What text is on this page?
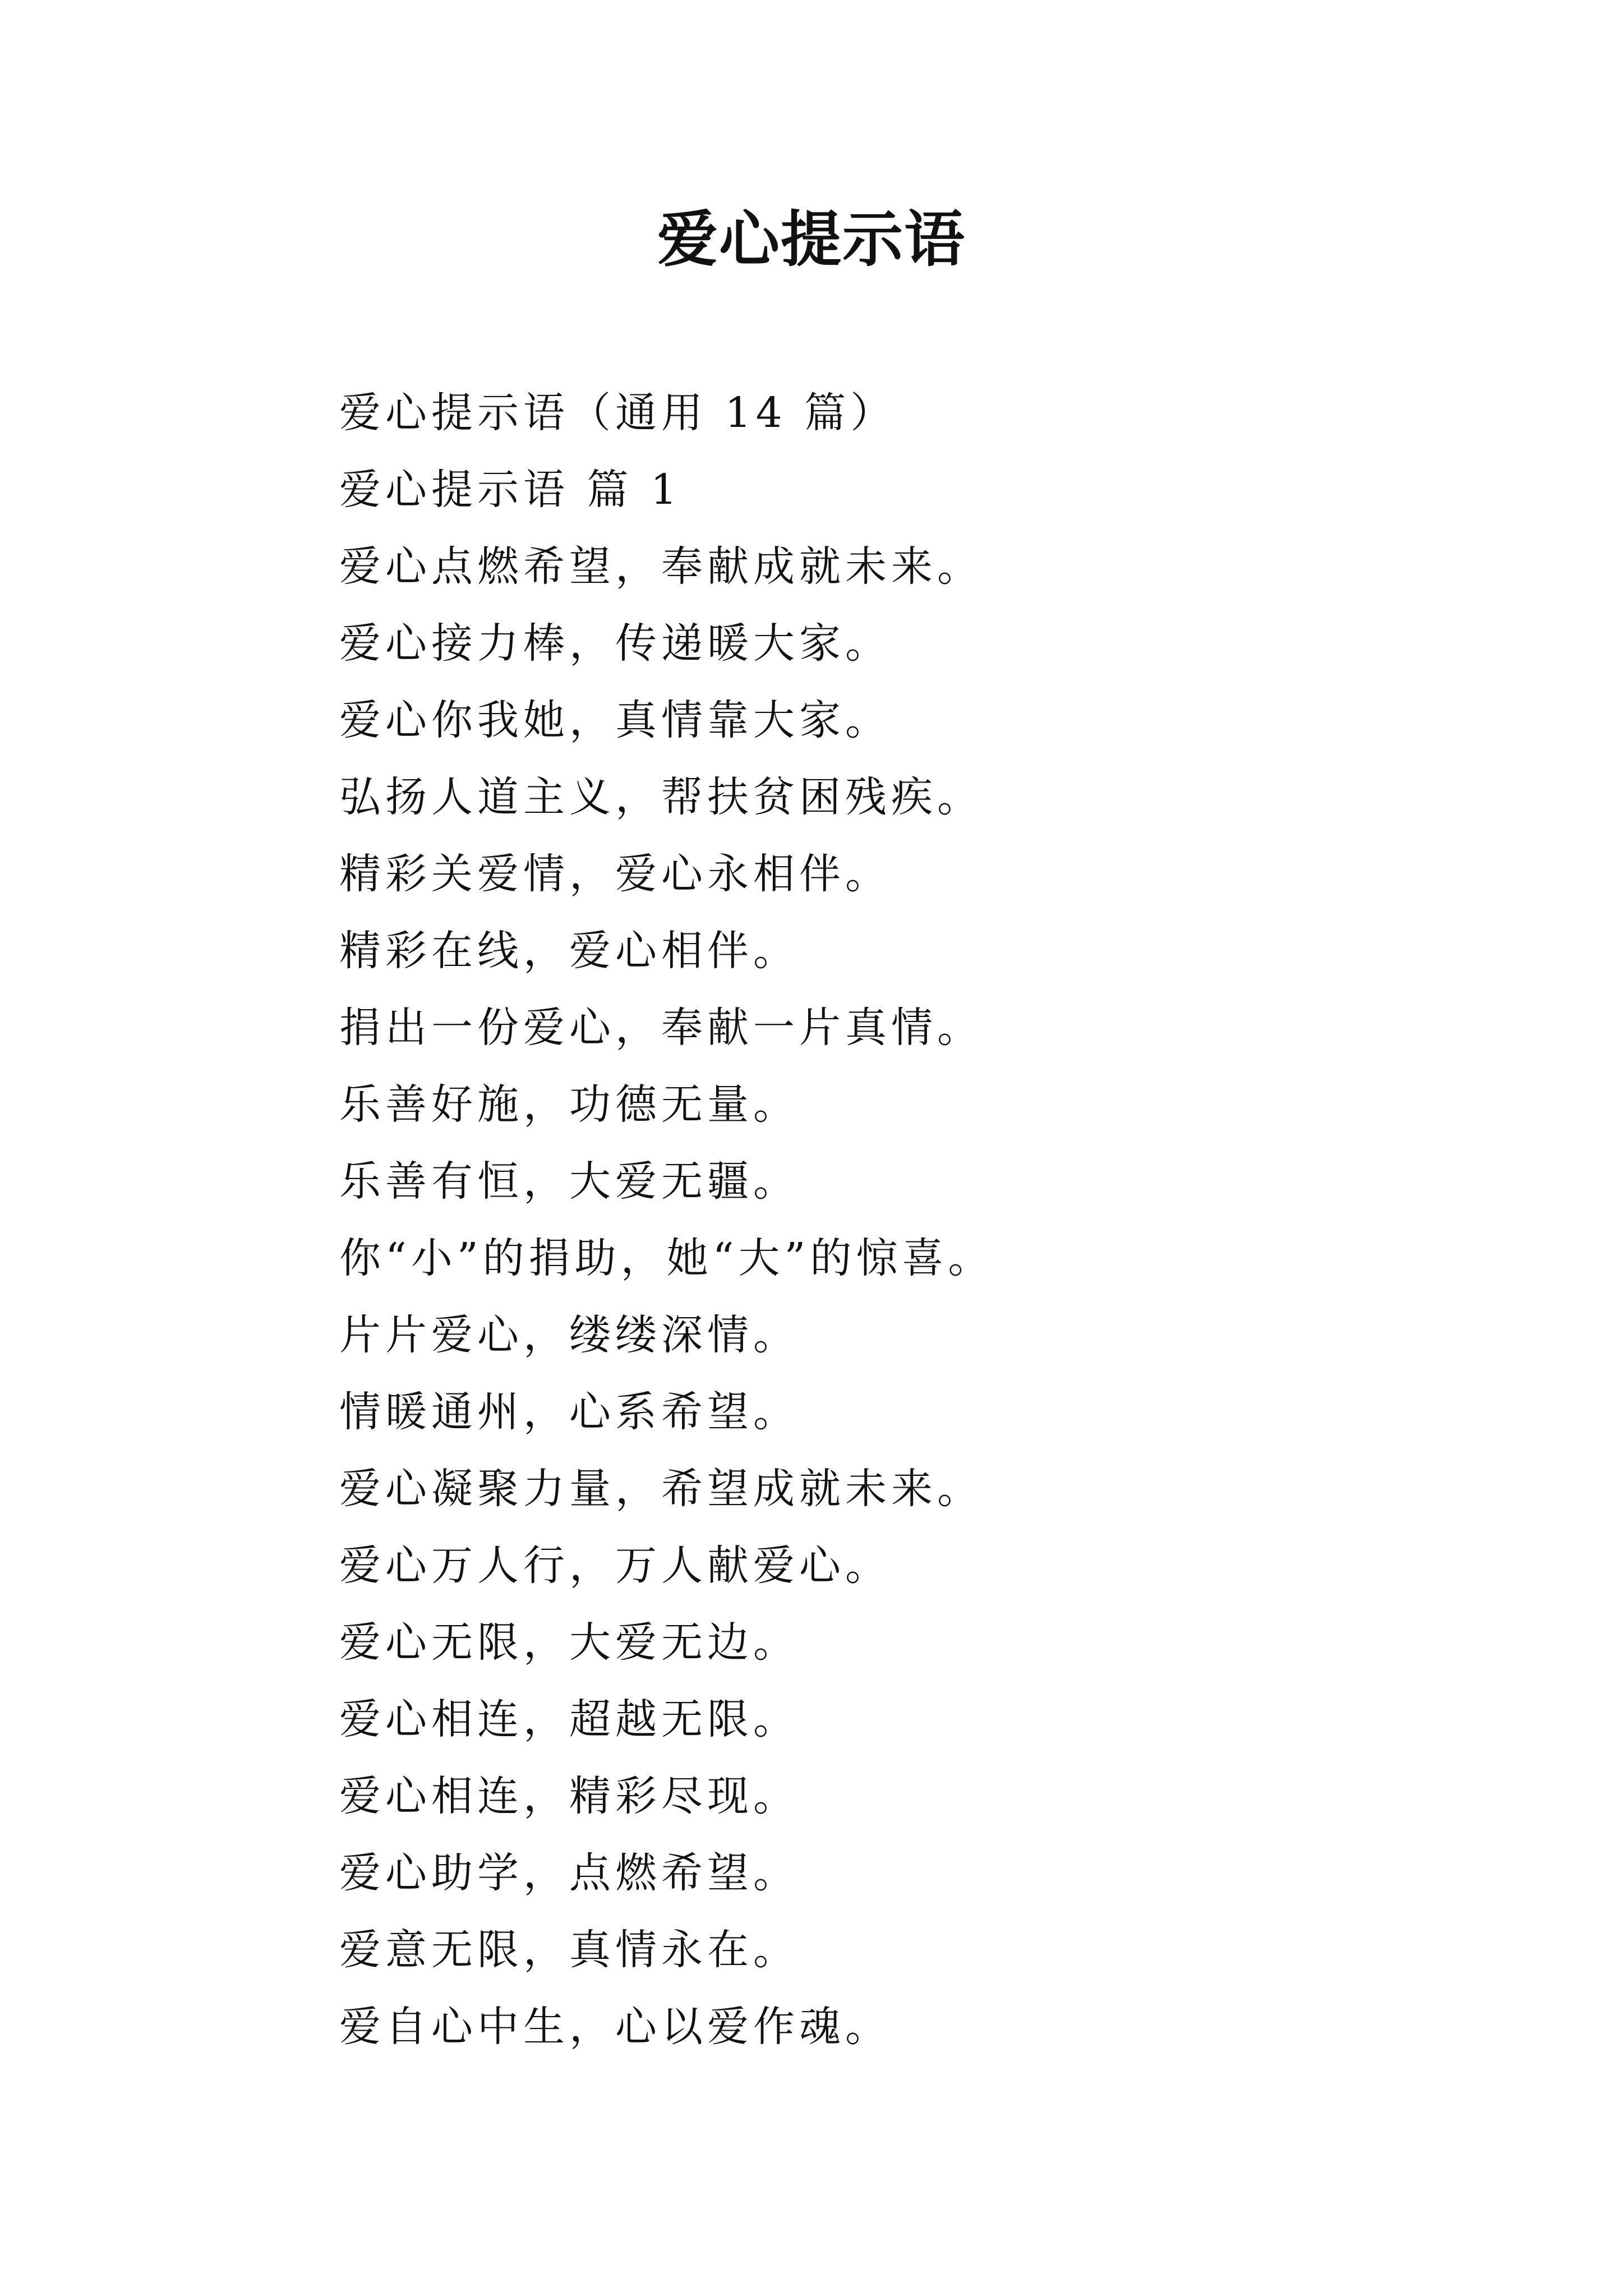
爱心提示语
爱心提示语（通用 14 篇）
爱心提示语 篇 1
爱心点燃希望，奉献成就未来。
爱心接力棒，传递暖大家。
爱心你我她，真情靠大家。
弘扬人道主义，帮扶贫困残疾。
精彩关爱情，爱心永相伴。
精彩在线，爱心相伴。
捐出一份爱心，奉献一片真情。
乐善好施，功德无量。
乐善有恒，大爱无疆。
你“小”的捐助，她“大”的惊喜。
片片爱心，缕缕深情。
情暖通州，心系希望。
爱心凝聚力量，希望成就未来。
爱心万人行，万人献爱心。
爱心无限，大爱无边。
爱心相连，超越无限。
爱心相连，精彩尽现。
爱心助学，点燃希望。
爱意无限，真情永在。
爱自心中生，心以爱作魂。
